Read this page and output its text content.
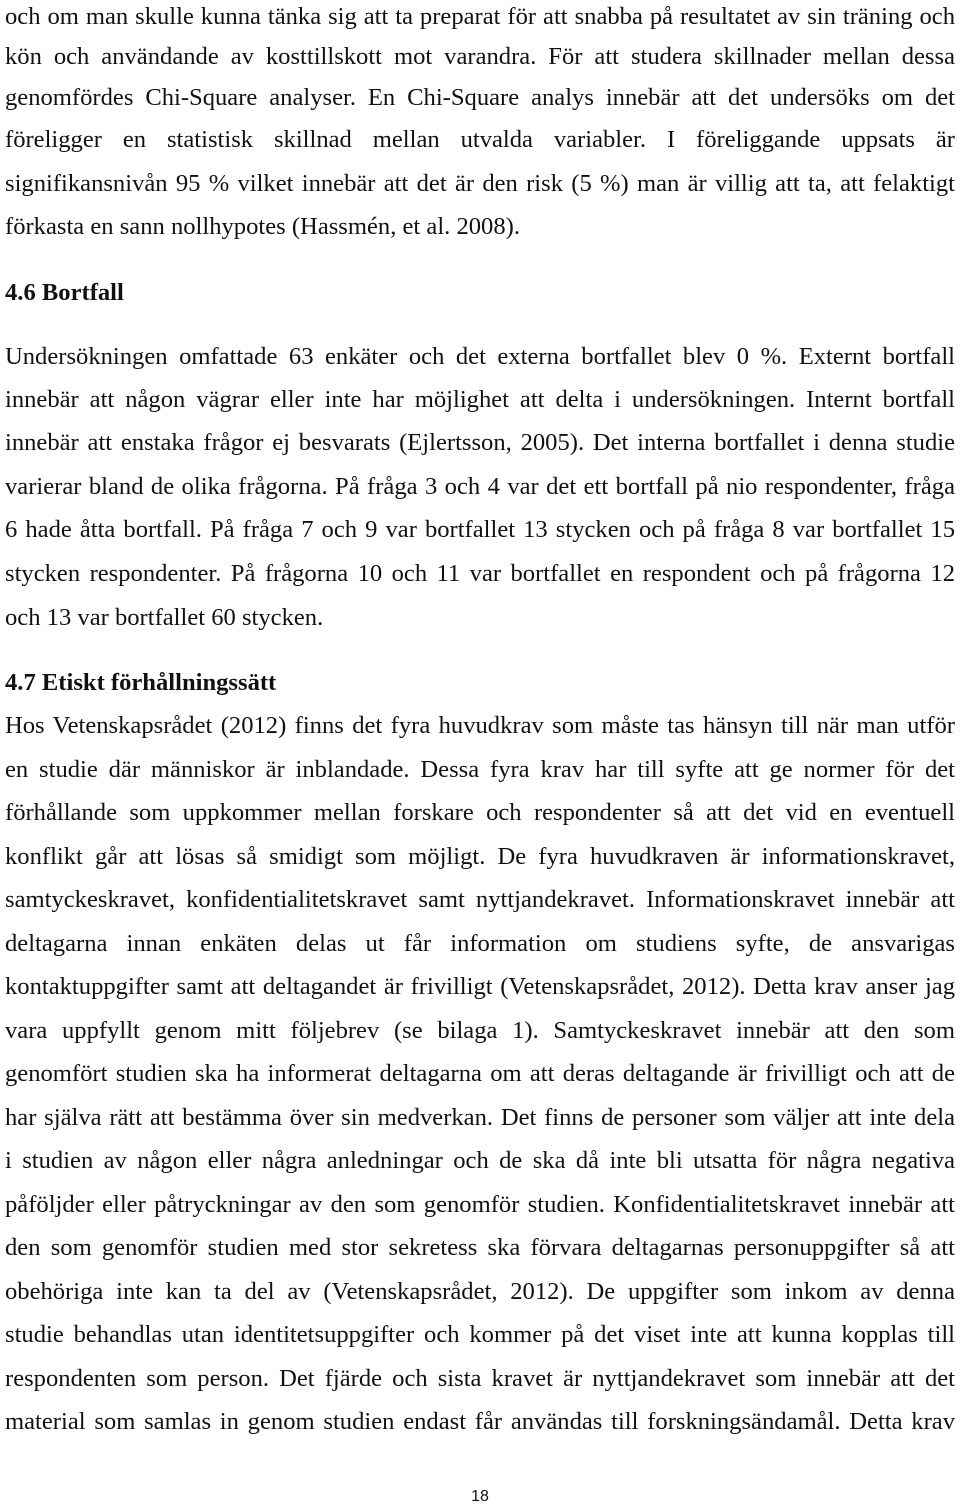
och om man skulle kunna tänka sig att ta preparat för att snabba på resultatet av sin träning och
kön och användande av kosttillskott mot varandra. För att studera skillnader mellan dessa
genomfördes Chi-Square analyser. En Chi-Square analys innebär att det undersöks om det
föreligger en statistisk skillnad mellan utvalda variabler. I föreliggande uppsats är
signifikansnivån 95 % vilket innebär att det är den risk (5 %) man är villig att ta, att felaktigt
förkasta en sann nollhypotes (Hassmén, et al. 2008).
4.6 Bortfall
Undersökningen omfattade 63 enkäter och det externa bortfallet blev 0 %. Externt bortfall
innebär att någon vägrar eller inte har möjlighet att delta i undersökningen. Internt bortfall
innebär att enstaka frågor ej besvarats (Ejlertsson, 2005). Det interna bortfallet i denna studie
varierar bland de olika frågorna. På fråga 3 och 4 var det ett bortfall på nio respondenter, fråga
6 hade åtta bortfall. På fråga 7 och 9 var bortfallet 13 stycken och på fråga 8 var bortfallet 15
stycken respondenter. På frågorna 10 och 11 var bortfallet en respondent och på frågorna 12
och 13 var bortfallet 60 stycken.
4.7 Etiskt förhållningssätt
Hos Vetenskapsrådet (2012) finns det fyra huvudkrav som måste tas hänsyn till när man utför
en studie där människor är inblandade. Dessa fyra krav har till syfte att ge normer för det
förhållande som uppkommer mellan forskare och respondenter så att det vid en eventuell
konflikt går att lösas så smidigt som möjligt. De fyra huvudkraven är informationskravet,
samtyckeskravet, konfidentialitetskravet samt nyttjandekravet. Informationskravet innebär att
deltagarna innan enkäten delas ut får information om studiens syfte, de ansvarigas
kontaktuppgifter samt att deltagandet är frivilligt (Vetenskapsrådet, 2012). Detta krav anser jag
vara uppfyllt genom mitt följebrev (se bilaga 1). Samtyckeskravet innebär att den som
genomfört studien ska ha informerat deltagarna om att deras deltagande är frivilligt och att de
har själva rätt att bestämma över sin medverkan. Det finns de personer som väljer att inte dela
i studien av någon eller några anledningar och de ska då inte bli utsatta för några negativa
påföljder eller påtryckningar av den som genomför studien. Konfidentialitetskravet innebär att
den som genomför studien med stor sekretess ska förvara deltagarnas personuppgifter så att
obehöriga inte kan ta del av (Vetenskapsrådet, 2012). De uppgifter som inkom av denna
studie behandlas utan identitetsuppgifter och kommer på det viset inte att kunna kopplas till
respondenten som person. Det fjärde och sista kravet är nyttjandekravet som innebär att det
material som samlas in genom studien endast får användas till forskningsändamål. Detta krav
18
